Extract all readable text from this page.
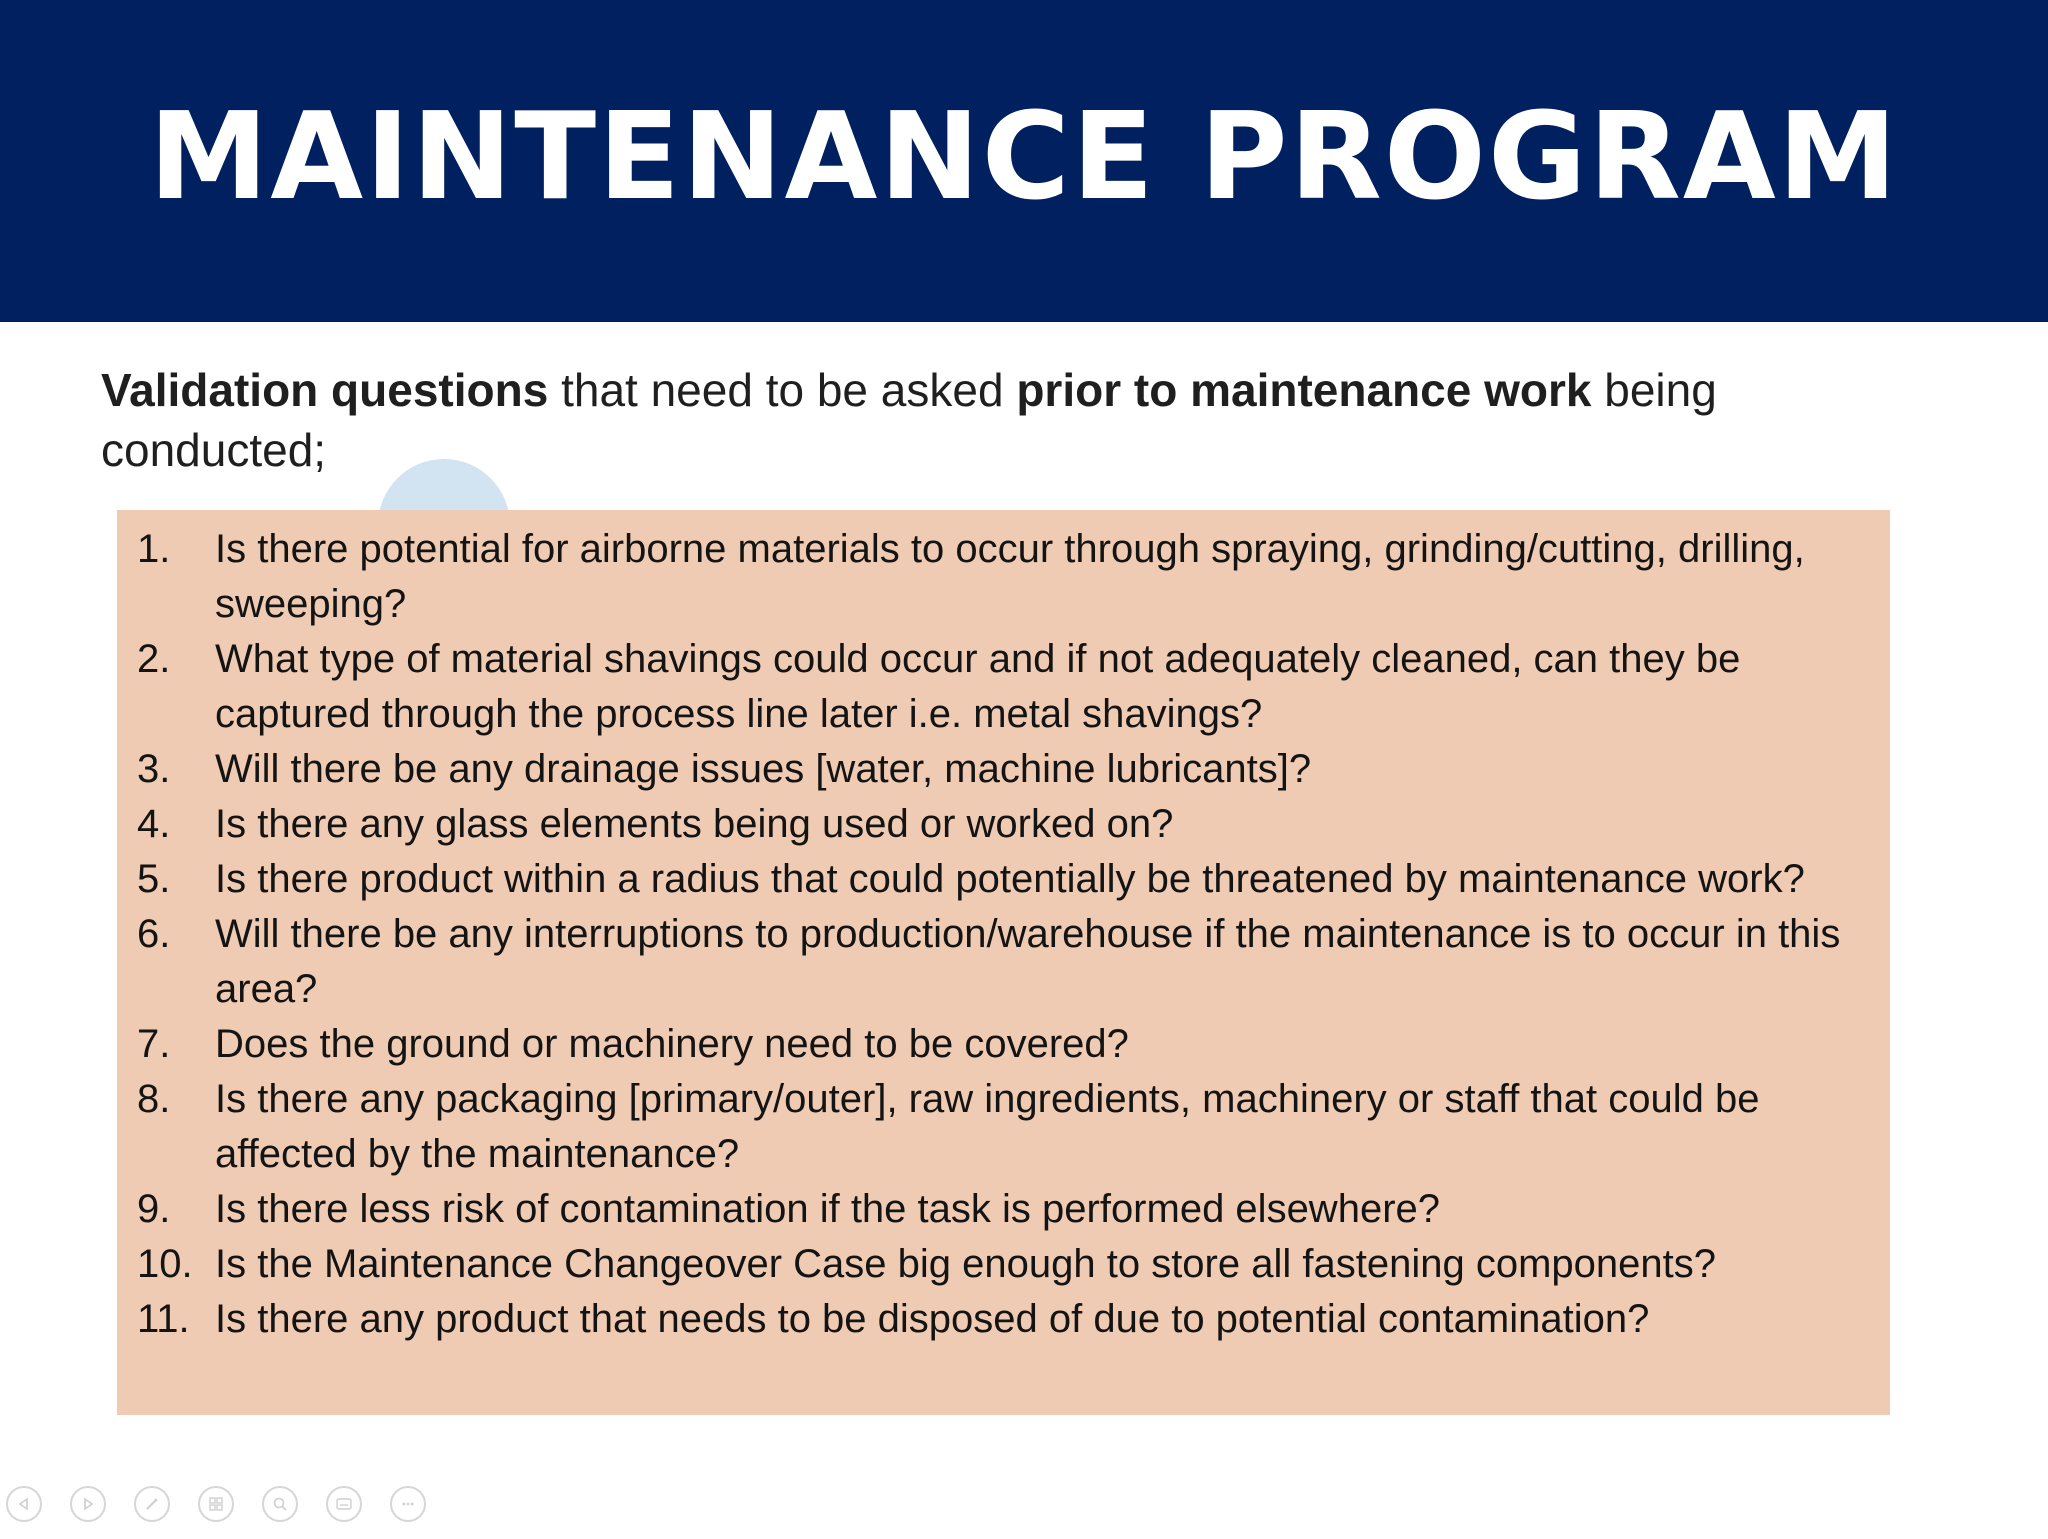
MAINTENANCE PROGRAM
Validation questions that need to be asked prior to maintenance work being conducted;
1.	Is there potential for airborne materials to occur through spraying, grinding/cutting, drilling, sweeping?
2.	What type of material shavings could occur and if not adequately cleaned, can they be captured through the process line later i.e. metal shavings?
3.	Will there be any drainage issues [water, machine lubricants]?
4.	Is there any glass elements being used or worked on?
5.	Is there product within a radius that could potentially be threatened by maintenance work?
6.	Will there be any interruptions to production/warehouse if the maintenance is to occur in this area?
7.	Does the ground or machinery need to be covered?
8.	Is there any packaging [primary/outer], raw ingredients, machinery or staff that could be affected by the maintenance?
9.	Is there less risk of contamination if the task is performed elsewhere?
10. Is the Maintenance Changeover Case big enough to store all fastening components?
11. Is there any product that needs to be disposed of due to potential contamination?
